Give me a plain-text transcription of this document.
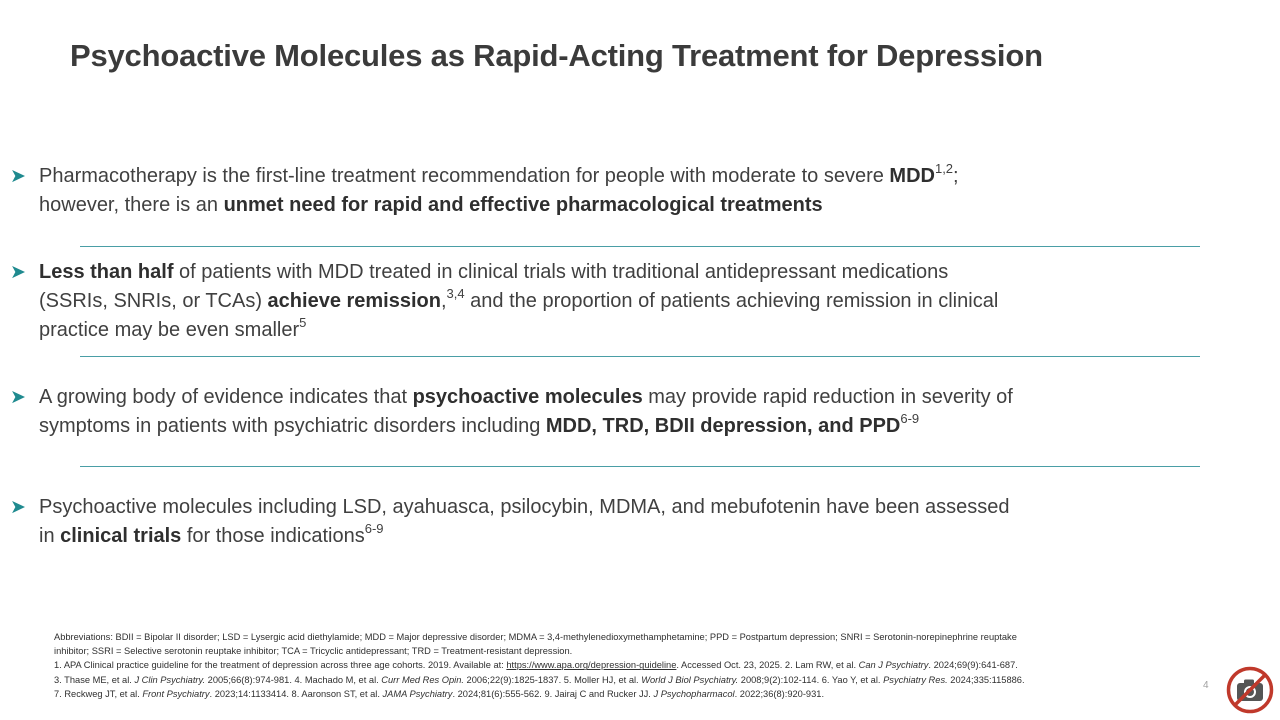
Psychoactive Molecules as Rapid-Acting Treatment for Depression
➤ Pharmacotherapy is the first-line treatment recommendation for people with moderate to severe MDD$^{1,2}$;
however, there is an unmet need for rapid and effective pharmacological treatments
➤ Less than half of patients with MDD treated in clinical trials with traditional antidepressant medications
(SSRIs, SNRIs, or TCAs) achieve remission,$^{3,4}$ and the proportion of patients achieving remission in clinical
practice may be even smaller$^5$
➤ A growing body of evidence indicates that psychoactive molecules may provide rapid reduction in severity of
symptoms in patients with psychiatric disorders including MDD, TRD, BDII depression, and PPD$^{6-9}$
➤ Psychoactive molecules including LSD, ayahuasca, psilocybin, MDMA, and mebufotenin have been assessed
in clinical trials for those indications$^{6-9}$

Abbreviations: BDII = Bipolar II disorder; LSD = Lysergic acid diethylamide; MDD = Major depressive disorder; MDMA = 3,4-methylenedioxymethamphetamine; PPD = Postpartum depression; SNRI = Serotonin-norepinephrine reuptake

inhibitor; SSRI = Selective serotonin reuptake inhibitor; TCA = Tricyclic antidepressant; TRD = Treatment-resistant depression.

1. APA Clinical practice guideline for the treatment of depression across three age cohorts. 2019. Available at: https://www.apa.org/depression-guideline. Accessed Oct. 23, 2025. 2. Lam RW, et al. Can J Psychiatry. 2024;69(9):641-687.

3. Thase ME, et al. J Clin Psychiatry. 2005;66(8):974-981. 4. Machado M, et al. Curr Med Res Opin. 2006;22(9):1825-1837. 5. Moller HJ, et al. World J Biol Psychiatry. 2008;9(2):102-114. 6. Yao Y, et al. Psychiatry Res. 2024;335:115886.

7. Reckweg JT, et al. Front Psychiatry. 2023;14:1133414. 8. Aaronson ST, et al. JAMA Psychiatry. 2024;81(6):555-562. 9. Jairaj C and Rucker JJ. J Psychopharmacol. 2022;36(8):920-931.

4
